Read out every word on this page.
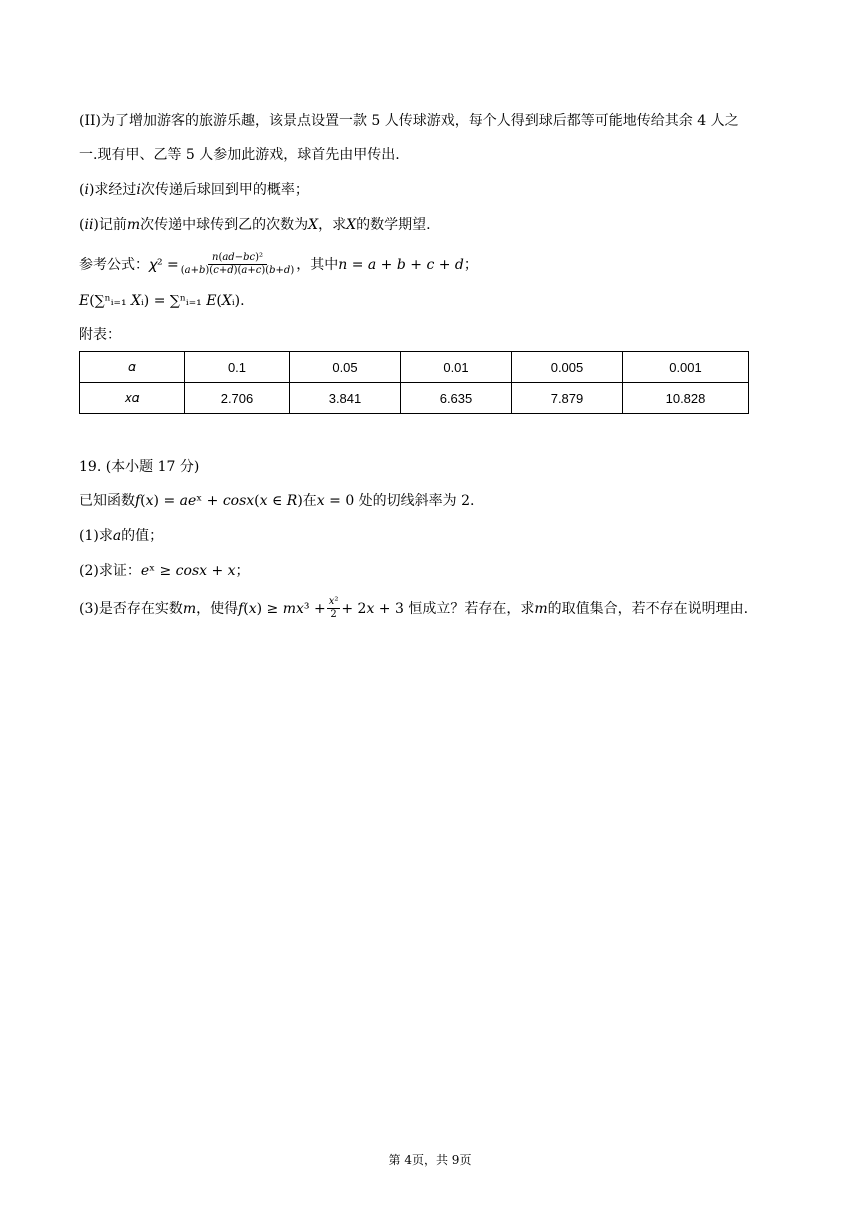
(II)为了增加游客的旅游乐趣，该景点设置一款 5 人传球游戏，每个人得到球后都等可能地传给其余 4 人之
一.现有甲、乙等 5 人参加此游戏，球首先由甲传出.
(𝑖)求经过𝑖次传递后球回到甲的概率；
(𝑖𝑖)记前𝑚次传递中球传到乙的次数为𝑋，求𝑋的数学期望.
参考公式：𝜒² =	𝑛(𝑎𝑑−𝑏𝑐)²
(𝑎+𝑏)(𝑐+𝑑)(𝑎+𝑐)(𝑏+𝑑) ，其中𝑛 = 𝑎 + 𝑏 + 𝑐 + 𝑑；
𝐸(∑ⁿᵢ₌₁ 𝑋ᵢ) = ∑ⁿᵢ₌₁ 𝐸(𝑋ᵢ).
附表：
𝛼	0.1	0.05	0.01	0.005	0.001
𝑥𝛼	2.706	3.841	6.635	7.879	10.828
19. (本小题 17 分)
已知函数𝑓(𝑥) = 𝑎𝑒ˣ + 𝑐𝑜𝑠𝑥(𝑥 ∈ 𝑅)在𝑥 = 0 处的切线斜率为 2.
(1)求𝑎的值；
(2)求证：𝑒ˣ ≥ 𝑐𝑜𝑠𝑥 + 𝑥；
(3)是否存在实数𝑚，使得𝑓(𝑥) ≥ 𝑚𝑥³ + 𝑥²
2 + 2𝑥 + 3 恒成立？若存在，求𝑚的取值集合，若不存在说明理由.
第 4页，共 9页
